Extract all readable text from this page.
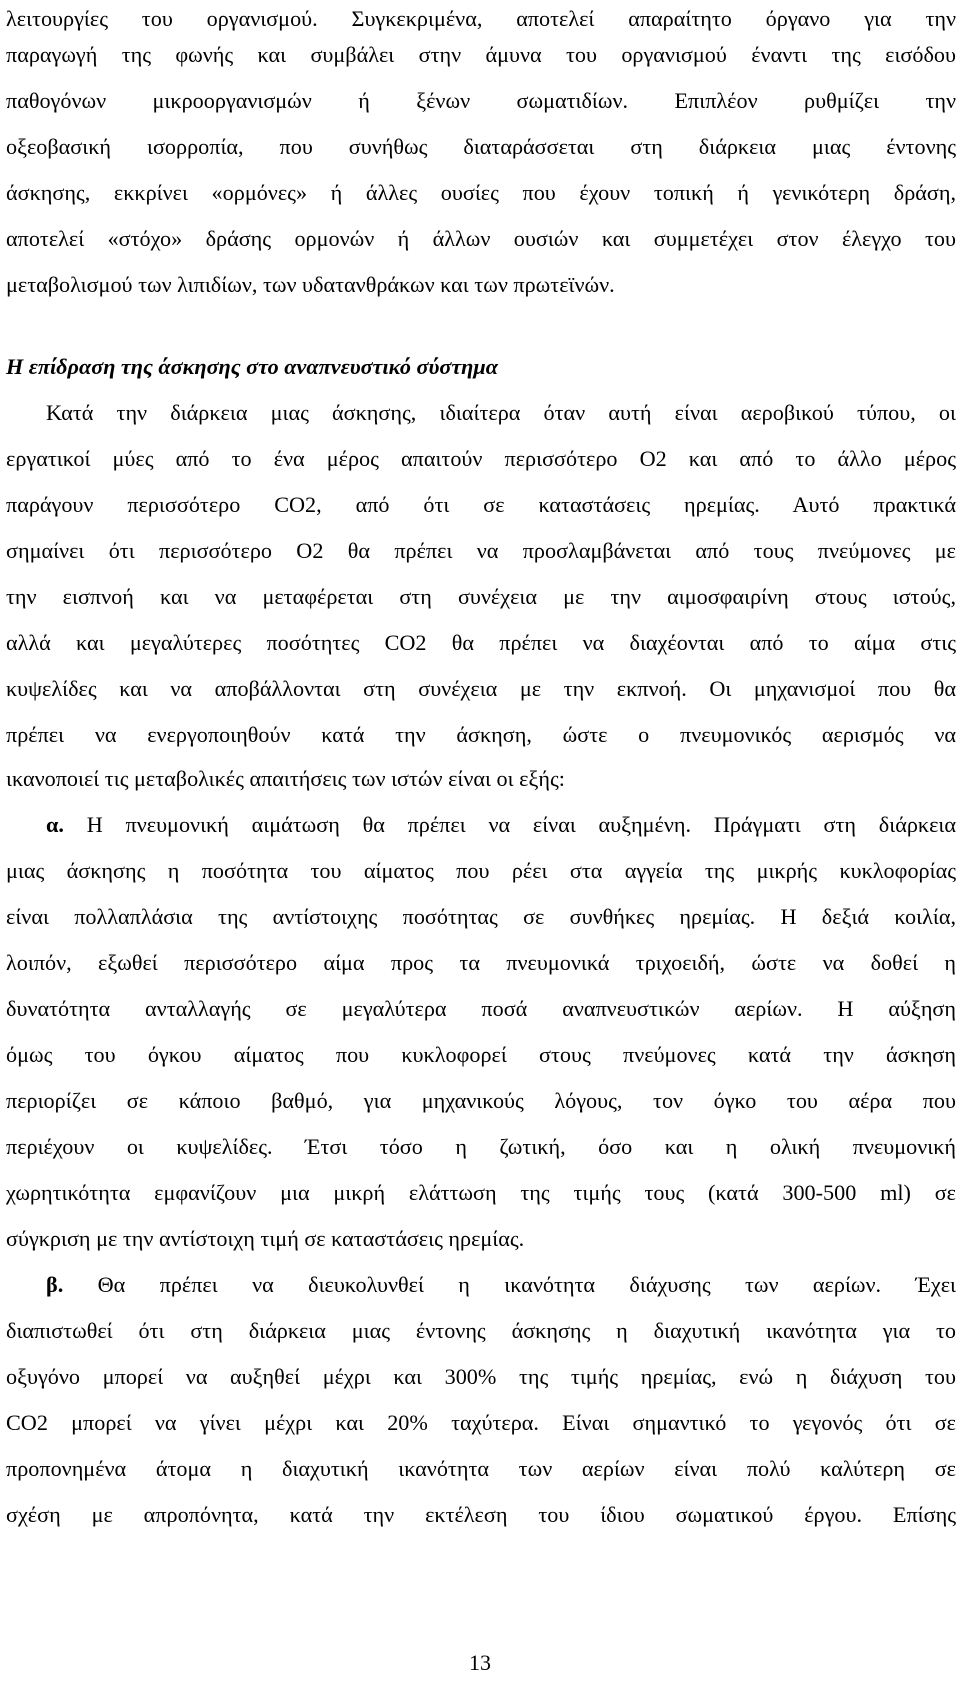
λειτουργίες του οργανισμού. Συγκεκριμένα, αποτελεί απαραίτητο όργανο για την
παραγωγή της φωνής και συμβάλει στην άμυνα του οργανισμού έναντι της εισόδου
παθογόνων μικροοργανισμών ή ξένων σωματιδίων. Επιπλέον ρυθμίζει την
οξεοβασική ισορροπία, που συνήθως διαταράσσεται στη διάρκεια μιας έντονης
άσκησης, εκκρίνει «ορμόνες» ή άλλες ουσίες που έχουν τοπική ή γενικότερη δράση,
αποτελεί «στόχο» δράσης ορμονών ή άλλων ουσιών και συμμετέχει στον έλεγχο του
μεταβολισμού των λιπιδίων, των υδατανθράκων και των πρωτεϊνών.
Η επίδραση της άσκησης στο αναπνευστικό σύστημα
Κατά την διάρκεια μιας άσκησης, ιδιαίτερα όταν αυτή είναι αεροβικού τύπου, οι
εργατικοί μύες από το ένα μέρος απαιτούν περισσότερο Ο2 και από το άλλο μέρος
παράγουν περισσότερο CO2, από ότι σε καταστάσεις ηρεμίας. Αυτό πρακτικά
σημαίνει ότι περισσότερο Ο2 θα πρέπει να προσλαμβάνεται από τους πνεύμονες με
την εισπνοή και να μεταφέρεται στη συνέχεια με την αιμοσφαιρίνη στους ιστούς,
αλλά και μεγαλύτερες ποσότητες CO2 θα πρέπει να διαχέονται από το αίμα στις
κυψελίδες και να αποβάλλονται στη συνέχεια με την εκπνοή. Οι μηχανισμοί που θα
πρέπει να ενεργοποιηθούν κατά την άσκηση, ώστε ο πνευμονικός αερισμός να
ικανοποιεί τις μεταβολικές απαιτήσεις των ιστών είναι οι εξής:
α. Η πνευμονική αιμάτωση θα πρέπει να είναι αυξημένη. Πράγματι στη διάρκεια
μιας άσκησης η ποσότητα του αίματος που ρέει στα αγγεία της μικρής κυκλοφορίας
είναι πολλαπλάσια της αντίστοιχης ποσότητας σε συνθήκες ηρεμίας. Η δεξιά κοιλία,
λοιπόν, εξωθεί περισσότερο αίμα προς τα πνευμονικά τριχοειδή, ώστε να δοθεί η
δυνατότητα ανταλλαγής σε μεγαλύτερα ποσά αναπνευστικών αερίων. Η αύξηση
όμως του όγκου αίματος που κυκλοφορεί στους πνεύμονες κατά την άσκηση
περιορίζει σε κάποιο βαθμό, για μηχανικούς λόγους, τον όγκο του αέρα που
περιέχουν οι κυψελίδες. Έτσι τόσο η ζωτική, όσο και η ολική πνευμονική
χωρητικότητα εμφανίζουν μια μικρή ελάττωση της τιμής τους (κατά 300-500 ml) σε
σύγκριση με την αντίστοιχη τιμή σε καταστάσεις ηρεμίας.
β. Θα πρέπει να διευκολυνθεί η ικανότητα διάχυσης των αερίων. Έχει
διαπιστωθεί ότι στη διάρκεια μιας έντονης άσκησης η διαχυτική ικανότητα για το
οξυγόνο μπορεί να αυξηθεί μέχρι και 300% της τιμής ηρεμίας, ενώ η διάχυση του
CO2 μπορεί να γίνει μέχρι και 20% ταχύτερα. Είναι σημαντικό το γεγονός ότι σε
προπονημένα άτομα η διαχυτική ικανότητα των αερίων είναι πολύ καλύτερη σε
σχέση με απροπόνητα, κατά την εκτέλεση του ίδιου σωματικού έργου. Επίσης
13
